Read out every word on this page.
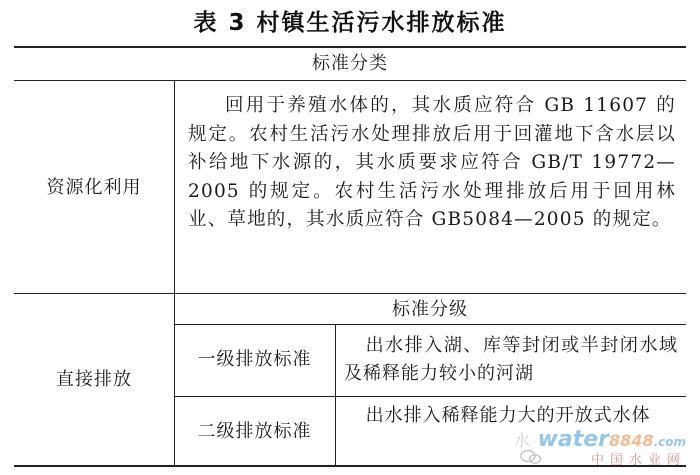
表 3 村镇生活污水排放标准
标准分类
资源化利用
回用于养殖水体的，其水质应符合 GB 11607 的规定。农村生活污水处理排放后用于回灌地下含水层以补给地下水源的，其水质要求应符合 GB/T 19772—2005 的规定。农村生活污水处理排放后用于回用林业、草地的，其水质应符合 GB5084—2005 的规定。
直接排放
标准分级
一级排放标准
出水排入湖、库等封闭或半封闭水域及稀释能力较小的河湖
二级排放标准
出水排入稀释能力大的开放式水体
水 water8848.com
中国水业网
